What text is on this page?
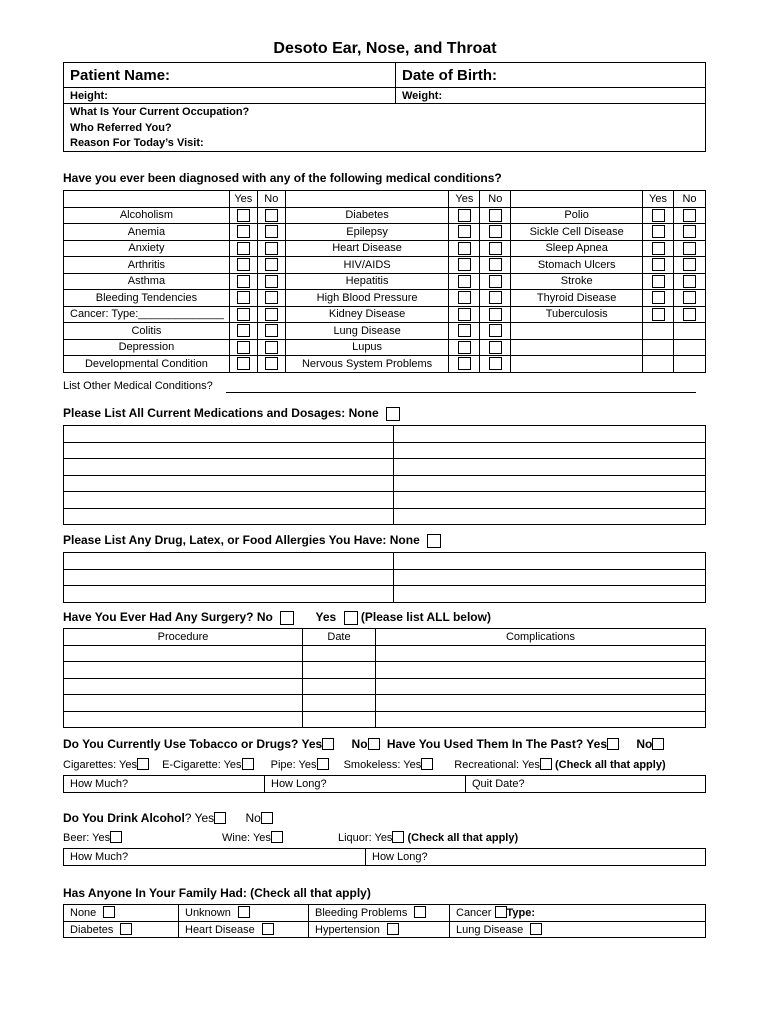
Desoto Ear, Nose, and Throat
Patient Name:	Date of Birth:
Height:	Weight:
What Is Your Current Occupation?	
Who Referred You?	
Reason For Today’s Visit:	
Have you ever been diagnosed with any of the following medical conditions?
	Yes	No		Yes	No		Yes	No
Alcoholism			Diabetes			Polio		
Anemia			Epilepsy			Sickle Cell Disease		
Anxiety			Heart Disease			Sleep Apnea		
Arthritis			HIV/AIDS			Stomach Ulcers		
Asthma			Hepatitis			Stroke		
Bleeding Tendencies			High Blood Pressure			Thyroid Disease		
Cancer: Type:______________			Kidney Disease			Tuberculosis		
Colitis			Lung Disease					
Depression			Lupus					
Developmental Condition			Nervous System Problems					
List Other Medical Conditions?
Please List All Current Medications and Dosages: None

Please List Any Drug, Latex, or Food Allergies You Have: None

Have You Ever Had Any Surgery? No	Yes (Please list ALL below)
Procedure	Date	Complications

Do You Currently Use Tobacco or Drugs? Yes No Have You Used Them In The Past? Yes No
Cigarettes: Yes E-Cigarette: Yes	Pipe: Yes Smokeless: Yes	Recreational: Yes (Check all that apply)
How Much?	How Long?	Quit Date?
Do You Drink Alcohol? Yes	No
Beer: Yes	Wine: Yes	Liquor: Yes (Check all that apply)
How Much?	How Long?
Has Anyone In Your Family Had: (Check all that apply)
None	Unknown	Bleeding Problems	Cancer Type:
Diabetes	Heart Disease	Hypertension	Lung Disease
